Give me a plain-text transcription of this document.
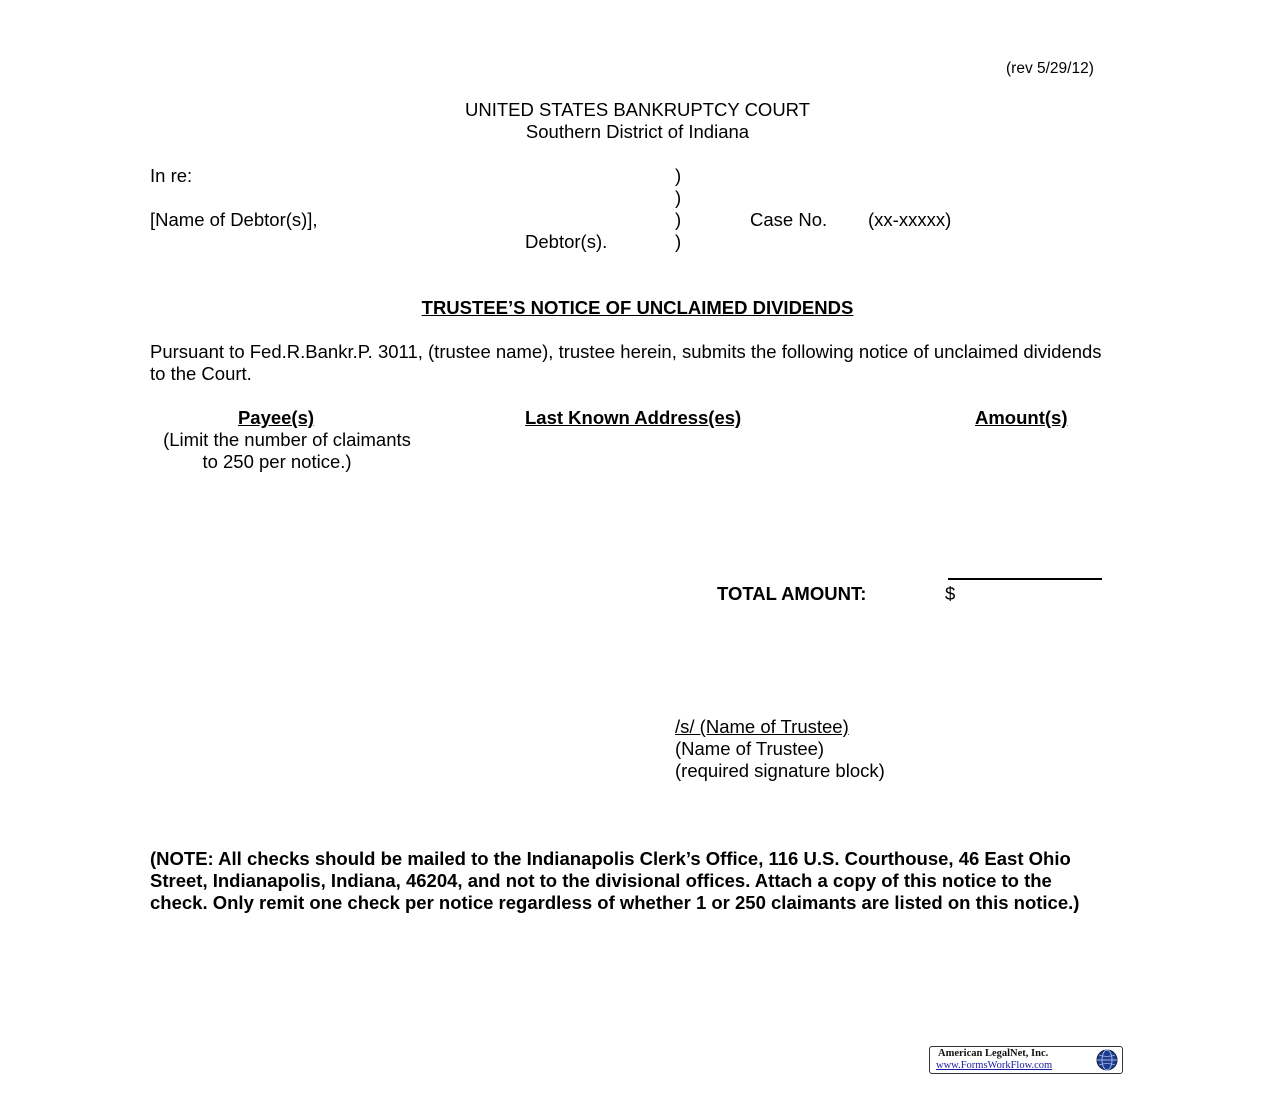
(rev 5/29/12)
UNITED STATES BANKRUPTCY COURT
Southern District of Indiana
In re:
[Name of Debtor(s)],
Debtor(s).
)
)
)
)
Case No. (xx-xxxxx)
TRUSTEE’S NOTICE OF UNCLAIMED DIVIDENDS
Pursuant to Fed.R.Bankr.P. 3011, (trustee name), trustee herein, submits the following notice of unclaimed dividends to the Court.
Payee(s)	Last Known Address(es)	Amount(s)
(Limit the number of claimants
to 250 per notice.)
TOTAL AMOUNT:	$
/s/ (Name of Trustee)
(Name of Trustee)
(required signature block)
(NOTE: All checks should be mailed to the Indianapolis Clerk’s Office, 116 U.S. Courthouse, 46 East Ohio Street, Indianapolis, Indiana, 46204, and not to the divisional offices. Attach a copy of this notice to the check. Only remit one check per notice regardless of whether 1 or 250 claimants are listed on this notice.)
American LegalNet, Inc.
www.FormsWorkFlow.com
